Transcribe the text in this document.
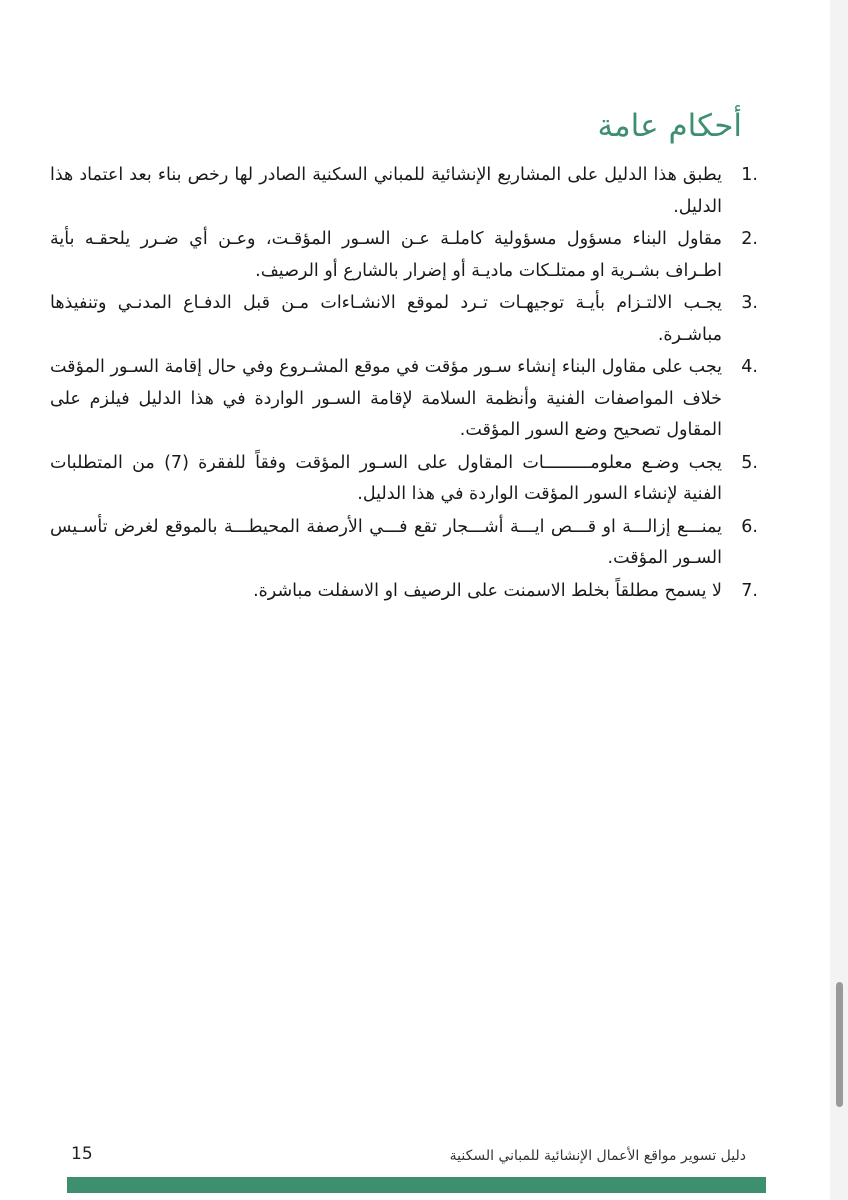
أحكام عامة
1.
يطبق هذا الدليل على المشاريع الإنشائية للمباني السكنية الصادر لها رخص بناء بعد اعتماد هذا الدليل.
2.
مقاول البناء مسؤول مسؤولية كاملـة عـن السـور المؤقـت، وعـن أي ضـرر يلحقـه بأية اطـراف بشـرية او ممتلـكات ماديـة أو إضرار بالشارع أو الرصيف.
3.
يجـب الالتـزام بأيـة توجيهـات تـرد لموقع الانشـاءات مـن قبل الدفـاع المدنـي وتنفيذها مباشـرة.
4.
يجب على مقاول البناء إنشاء سـور مؤقت في موقع المشـروع وفي حال إقامة السـور المؤقت خلاف المواصفات الفنية وأنظمة السلامة لإقامة السـور الواردة في هذا الدليل فيلزم على المقاول تصحيح وضع السور المؤقت.
5.
يجب وضـع معلومـــــــــات المقاول على السـور المؤقت وفقاً للفقرة (7) من المتطلبات الفنية لإنشاء السور المؤقت الواردة في هذا الدليل.
6.
يمنـــع إزالـــة او قـــص ايـــة أشـــجار تقع فـــي الأرصفة المحيطـــة بالموقع لغرض تأسـيس السـور المؤقت.
7.
لا يسمح مطلقاً بخلط الاسمنت على الرصيف او الاسفلت مباشرة.
15	دليل تسوير مواقع الأعمال الإنشائية للمباني السكنية
